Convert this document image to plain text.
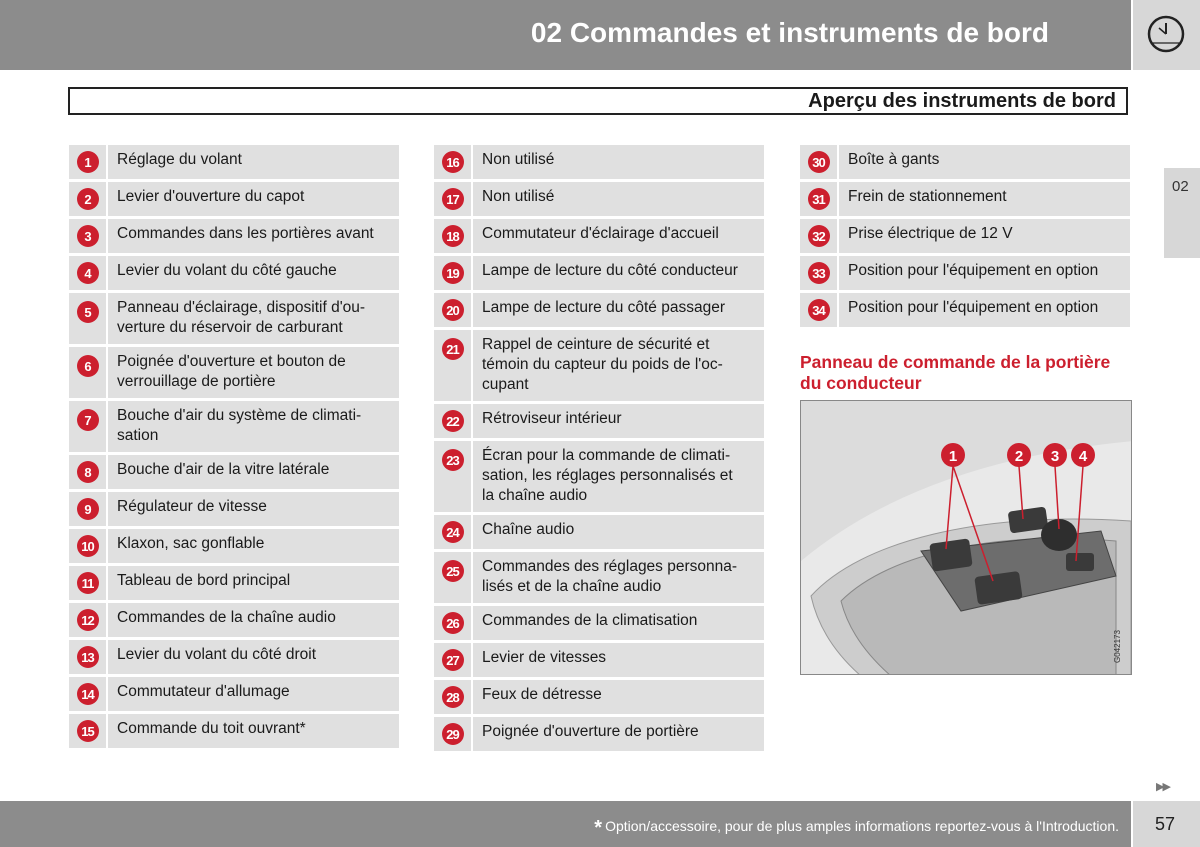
02 Commandes et instruments de bord
Aperçu des instruments de bord
1	Réglage du volant
2	Levier d'ouverture du capot
3	Commandes dans les portières avant
4	Levier du volant du côté gauche
5	Panneau d'éclairage, dispositif d'ou-
verture du réservoir de carburant
6	Poignée d'ouverture et bouton de
verrouillage de portière
7	Bouche d'air du système de climati-
sation
8	Bouche d'air de la vitre latérale
9	Régulateur de vitesse
10	Klaxon, sac gonflable
11	Tableau de bord principal
12	Commandes de la chaîne audio
13	Levier du volant du côté droit
14	Commutateur d'allumage
15	Commande du toit ouvrant*
16	Non utilisé
17	Non utilisé
18	Commutateur d'éclairage d'accueil
19	Lampe de lecture du côté conducteur
20	Lampe de lecture du côté passager
21	Rappel de ceinture de sécurité et
témoin du capteur du poids de l'oc-
cupant
22	Rétroviseur intérieur
23	Écran pour la commande de climati-
sation, les réglages personnalisés et
la chaîne audio
24	Chaîne audio
25	Commandes des réglages personna-
lisés et de la chaîne audio
26	Commandes de la climatisation
27	Levier de vitesses
28	Feux de détresse
29	Poignée d'ouverture de portière
30	Boîte à gants
31	Frein de stationnement
32	Prise électrique de 12 V
33	Position pour l'équipement en option
34	Position pour l'équipement en option
02
Panneau de commande de la portière
du conducteur
1	2 3 4
G042173
▶▶
* Option/accessoire, pour de plus amples informations reportez-vous à l'Introduction. 57
